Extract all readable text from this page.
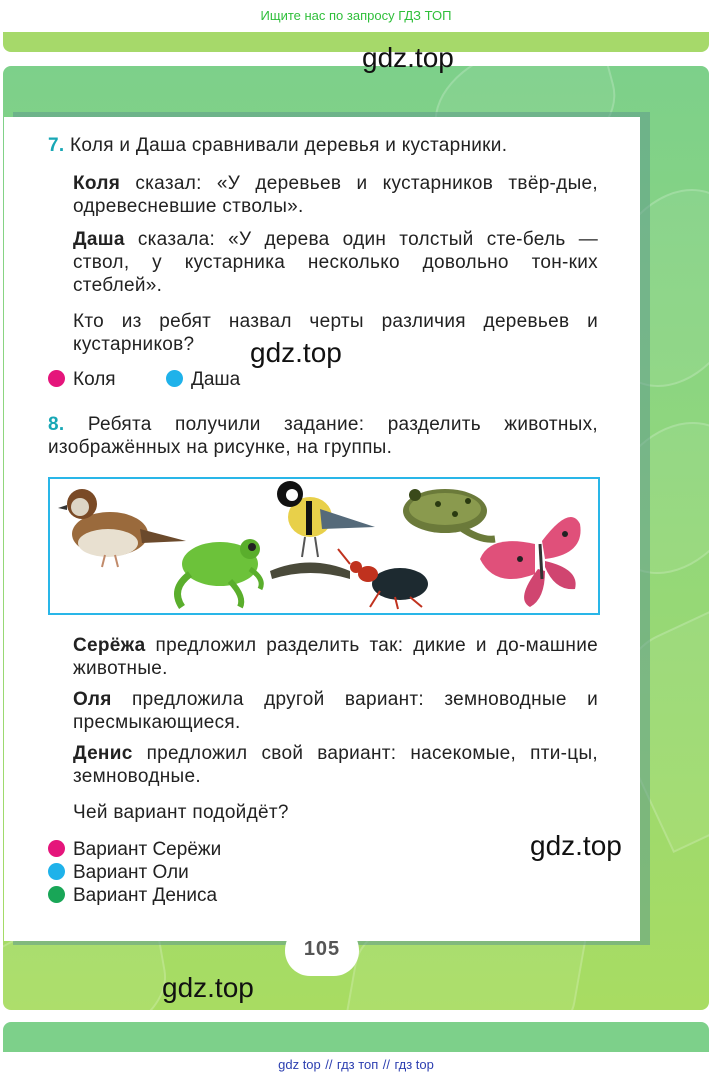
Ищите нас по запросу ГДЗ ТОП
gdz.top
gdz.top
gdz.top
gdz.top
7. Коля и Даша сравнивали деревья и кустарники.
Коля сказал: «У деревьев и кустарников твёр-дые, одревесневшие стволы».
Даша сказала: «У дерева один толстый сте-бель — ствол, у кустарника несколько довольно тон-ких стеблей».
Кто из ребят назвал черты различия деревьев и кустарников?
Коля	Даша
8. Ребята получили задание: разделить животных, изображённых на рисунке, на группы.
Серёжа предложил разделить так: дикие и до-машние животные.
Оля предложила другой вариант: земноводные и пресмыкающиеся.
Денис предложил свой вариант: насекомые, пти-цы, земноводные.
Чей вариант подойдёт?
Вариант Серёжи
Вариант Оли
Вариант Дениса
105
gdz top // гдз топ // гдз top
